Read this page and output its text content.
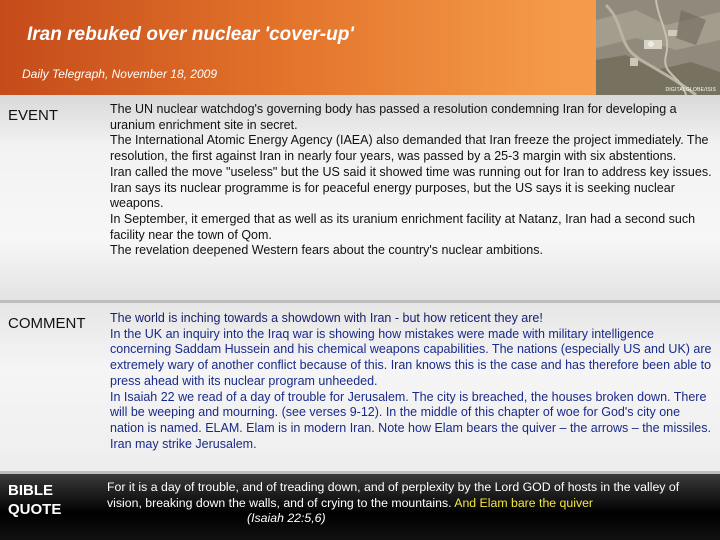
Iran rebuked over nuclear 'cover-up'
Daily Telegraph, November 18, 2009
DIGITALGLOBE/ISIS
EVENT	The UN nuclear watchdog's governing body has passed a resolution condemning Iran for developing a uranium enrichment site in secret.

The International Atomic Energy Agency (IAEA) also demanded that Iran freeze the project immediately. The resolution, the first against Iran in nearly four years, was passed by a 25-3 margin with six abstentions.

Iran called the move "useless" but the US said it showed time was running out for Iran to address key issues.

Iran says its nuclear programme is for peaceful energy purposes, but the US says it is seeking nuclear weapons.

In September, it emerged that as well as its uranium enrichment facility at Natanz, Iran had a second such facility near the town of Qom.

The revelation deepened Western fears about the country's nuclear ambitions.

COMMENT The world is inching towards a showdown with Iran - but how reticent they are!

In the UK an inquiry into the Iraq war is showing how mistakes were made with military intelligence concerning Saddam Hussein and his chemical weapons capabilities. The nations (especially US and UK) are extremely wary of another conflict because of this. Iran knows this is the case and has therefore been able to press ahead with its nuclear program unheeded.

In Isaiah 22 we read of a day of trouble for Jerusalem. The city is breached, the houses broken down. There will be weeping and mourning. (see verses 9-12). In the middle of this chapter of woe for God's city one nation is named. ELAM. Elam is in modern Iran. Note how Elam bears the quiver – the arrows – the missiles. Iran may strike Jerusalem.

BIBLE
QUOTE
For it is a day of trouble, and of treading down, and of perplexity by the Lord GOD of hosts in the valley of vision, breaking down the walls, and of crying to the mountains. And Elam bare the quiver (Isaiah 22:5,6)
